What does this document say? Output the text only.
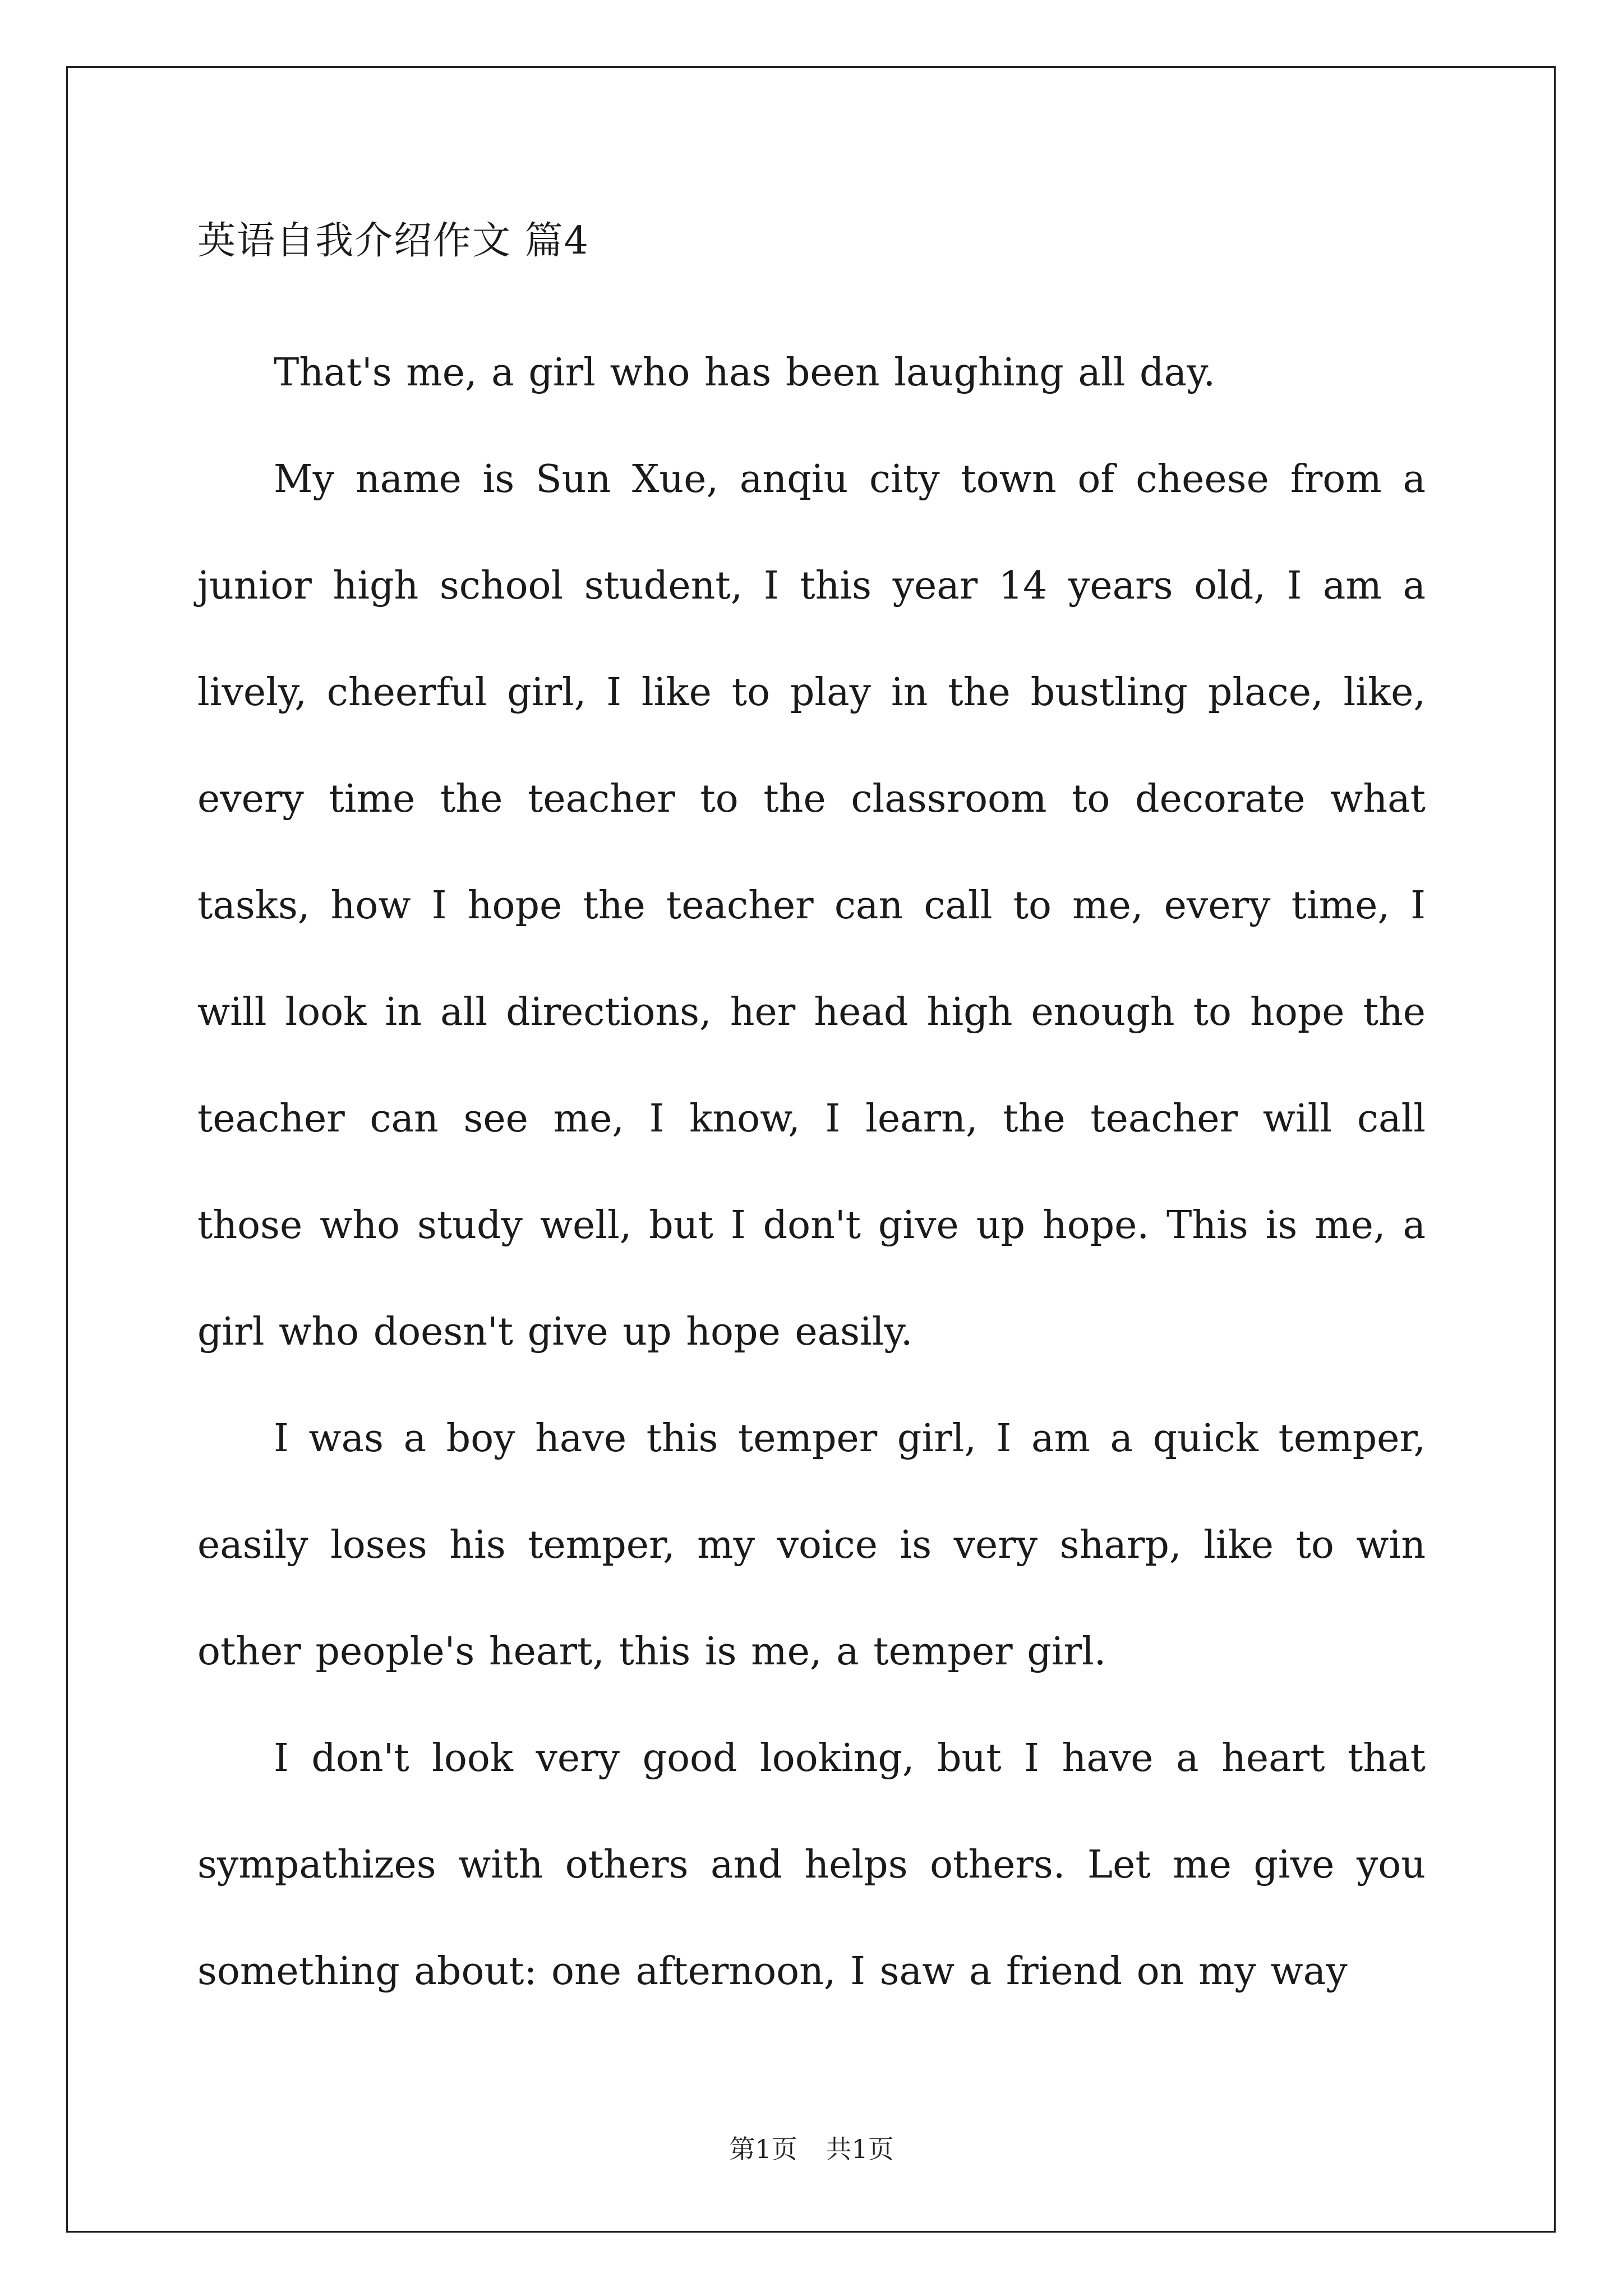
英语自我介绍作文 篇4

That's me, a girl who has been laughing all day.

My name is Sun Xue, anqiu city town of cheese from a junior high school student, I this year 14 years old, I am a lively, cheerful girl, I like to play in the bustling place, like, every time the teacher to the classroom to decorate what tasks, how I hope the teacher can call to me, every time, I will look in all directions, her head high enough to hope the teacher can see me, I know, I learn, the teacher will call those who study well, but I don't give up hope. This is me, a girl who doesn't give up hope easily.

I was a boy have this temper girl, I am a quick temper, easily loses his temper, my voice is very sharp, like to win other people's heart, this is me, a temper girl.

I don't look very good looking, but I have a heart that sympathizes with others and helps others. Let me give you something about: one afternoon, I saw a friend on my way

第1页 共1页
